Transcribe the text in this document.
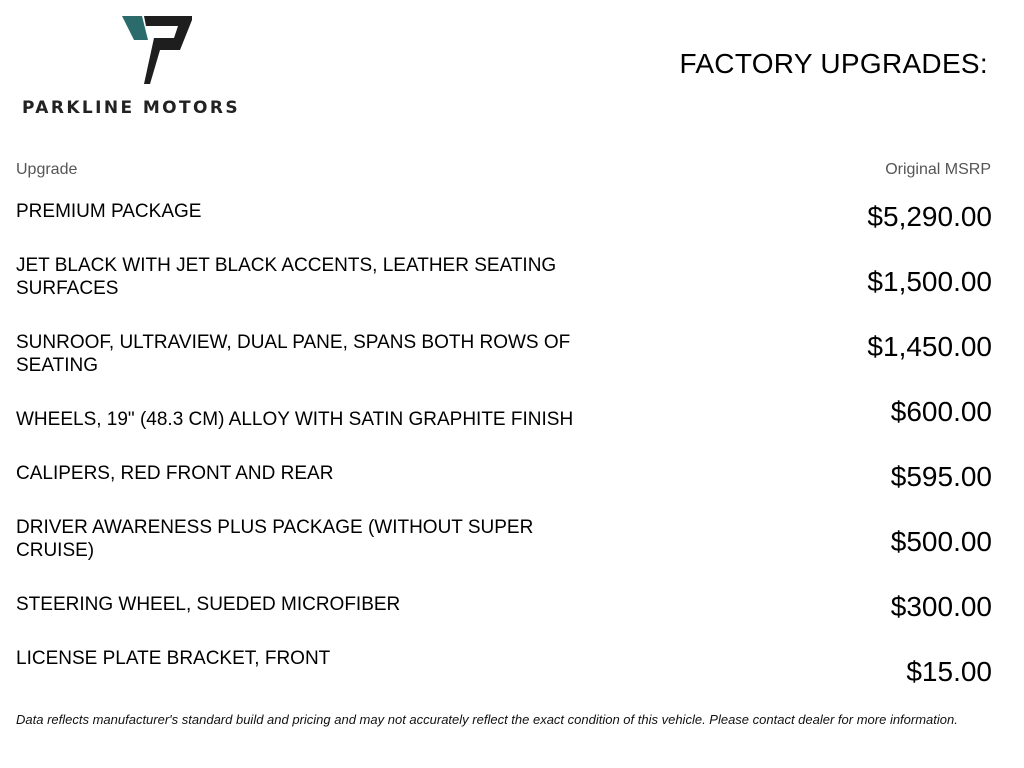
PARKLINE MOTORS
FACTORY UPGRADES:
Upgrade	Original MSRP
PREMIUM PACKAGE
JET BLACK WITH JET BLACK ACCENTS, LEATHER SEATING SURFACES
SUNROOF, ULTRAVIEW, DUAL PANE, SPANS BOTH ROWS OF SEATING
WHEELS, 19" (48.3 CM) ALLOY WITH SATIN GRAPHITE FINISH
CALIPERS, RED FRONT AND REAR
DRIVER AWARENESS PLUS PACKAGE (WITHOUT SUPER CRUISE)
STEERING WHEEL, SUEDED MICROFIBER
LICENSE PLATE BRACKET, FRONT
$5,290.00
$1,500.00
$1,450.00
$600.00
$595.00
$500.00
$300.00
$15.00
Data reflects manufacturer's standard build and pricing and may not accurately reflect the exact condition of this vehicle. Please contact dealer for more information.
